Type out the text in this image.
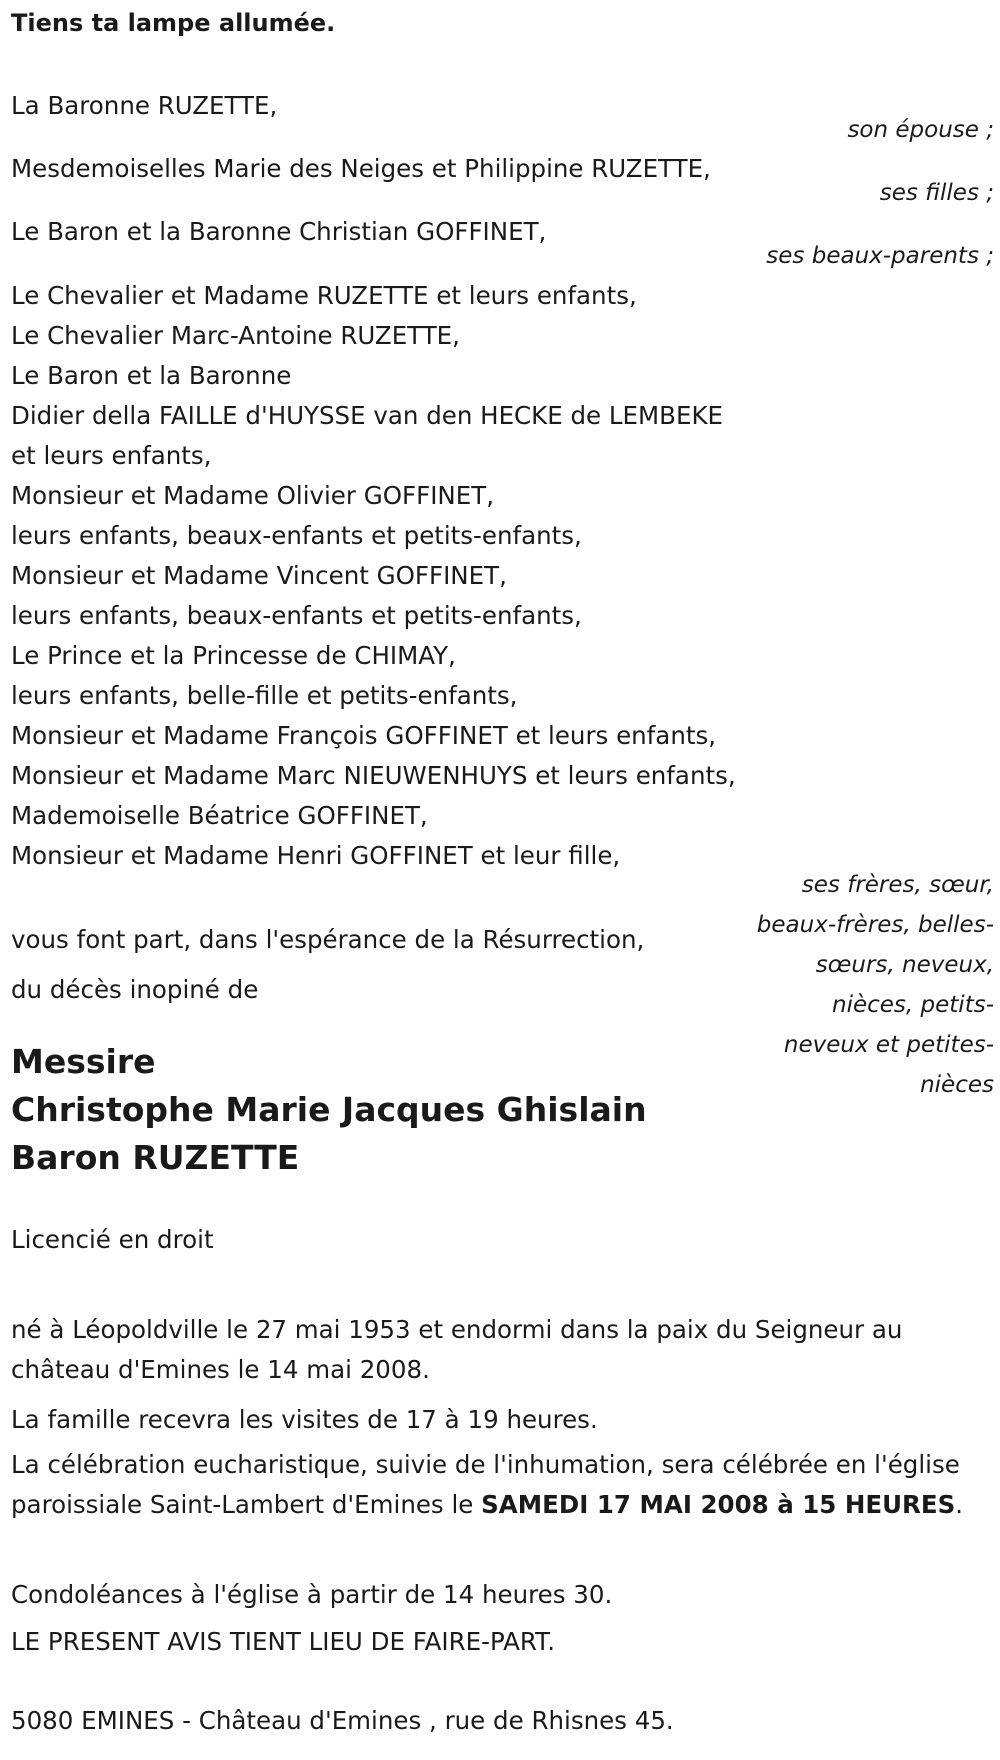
Tiens ta lampe allumée.

La Baronne RUZETTE,

son épouse ;

Mesdemoiselles Marie des Neiges et Philippine RUZETTE,

ses filles ;

Le Baron et la Baronne Christian GOFFINET,

ses beaux-parents ;

Le Chevalier et Madame RUZETTE et leurs enfants,
Le Chevalier Marc-Antoine RUZETTE,
Le Baron et la Baronne
Didier della FAILLE d'HUYSSE van den HECKE de LEMBEKE
et leurs enfants,
Monsieur et Madame Olivier GOFFINET,
leurs enfants, beaux-enfants et petits-enfants,
Monsieur et Madame Vincent GOFFINET,
leurs enfants, beaux-enfants et petits-enfants,
Le Prince et la Princesse de CHIMAY,
leurs enfants, belle-fille et petits-enfants,
Monsieur et Madame François GOFFINET et leurs enfants,
Monsieur et Madame Marc NIEUWENHUYS et leurs enfants,
Mademoiselle Béatrice GOFFINET,
Monsieur et Madame Henri GOFFINET et leur fille,
ses frères, sœur,
beaux-frères, belles-
sœurs, neveux,
nièces, petits-
neveux et petites-
nièces

vous font part, dans l'espérance de la Résurrection,

du décès inopiné de

Messire

Christophe Marie Jacques Ghislain

Baron RUZETTE

Licencié en droit

né à Léopoldville le 27 mai 1953 et endormi dans la paix du Seigneur au château d'Emines le 14 mai 2008.

La famille recevra les visites de 17 à 19 heures.

La célébration eucharistique, suivie de l'inhumation, sera célébrée en l'église paroissiale Saint-Lambert d'Emines le SAMEDI 17 MAI 2008 à 15 HEURES.

Condoléances à l'église à partir de 14 heures 30.

LE PRESENT AVIS TIENT LIEU DE FAIRE-PART.

5080 EMINES - Château d'Emines , rue de Rhisnes 45.
